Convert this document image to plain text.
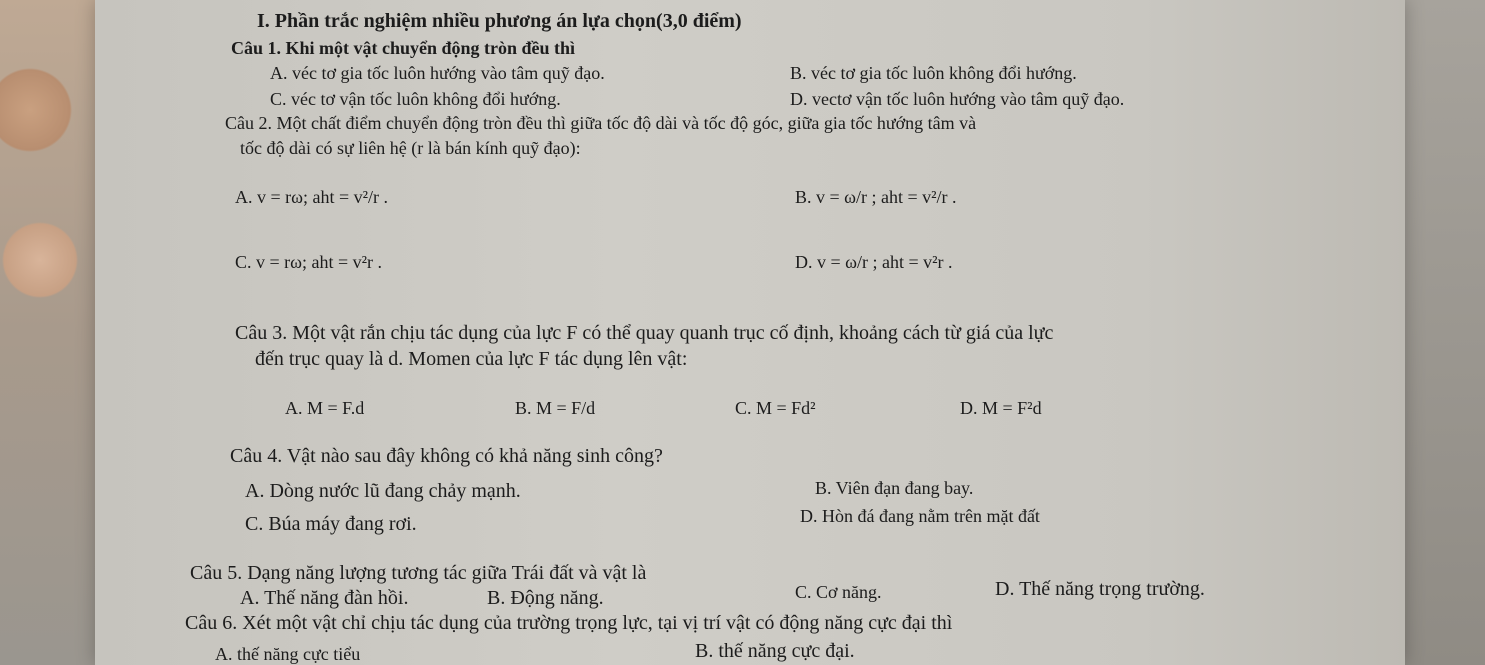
I. Phần trắc nghiệm nhiều phương án lựa chọn(3,0 điểm)
Câu 1. Khi một vật chuyển động tròn đều thì
A. véc tơ gia tốc luôn hướng vào tâm quỹ đạo.	B. véc tơ gia tốc luôn không đổi hướng.
C. véc tơ vận tốc luôn không đổi hướng.	D. vectơ vận tốc luôn hướng vào tâm quỹ đạo.
Câu 2. Một chất điểm chuyển động tròn đều thì giữa tốc độ dài và tốc độ góc, giữa gia tốc hướng tâm và
tốc độ dài có sự liên hệ (r là bán kính quỹ đạo):
A. v = rω; aht = v²/r .	B. v = ω/r ; aht = v²/r .
C. v = rω; aht = v²r .	D. v = ω/r ; aht = v²r .
Câu 3. Một vật rắn chịu tác dụng của lực F có thể quay quanh trục cố định, khoảng cách từ giá của lực
đến trục quay là d. Momen của lực F tác dụng lên vật:
A. M = F.d	B. M = F/d	C. M = Fd²	D. M = F²d
Câu 4. Vật nào sau đây không có khả năng sinh công?
A. Dòng nước lũ đang chảy mạnh.	B. Viên đạn đang bay.
C. Búa máy đang rơi.	D. Hòn đá đang nằm trên mặt đất
Câu 5. Dạng năng lượng tương tác giữa Trái đất và vật là
A. Thế năng đàn hồi.	B. Động năng.	C. Cơ năng.	D. Thế năng trọng trường.
Câu 6. Xét một vật chỉ chịu tác dụng của trường trọng lực, tại vị trí vật có động năng cực đại thì
A. thế năng cực tiểu	B. thế năng cực đại.
